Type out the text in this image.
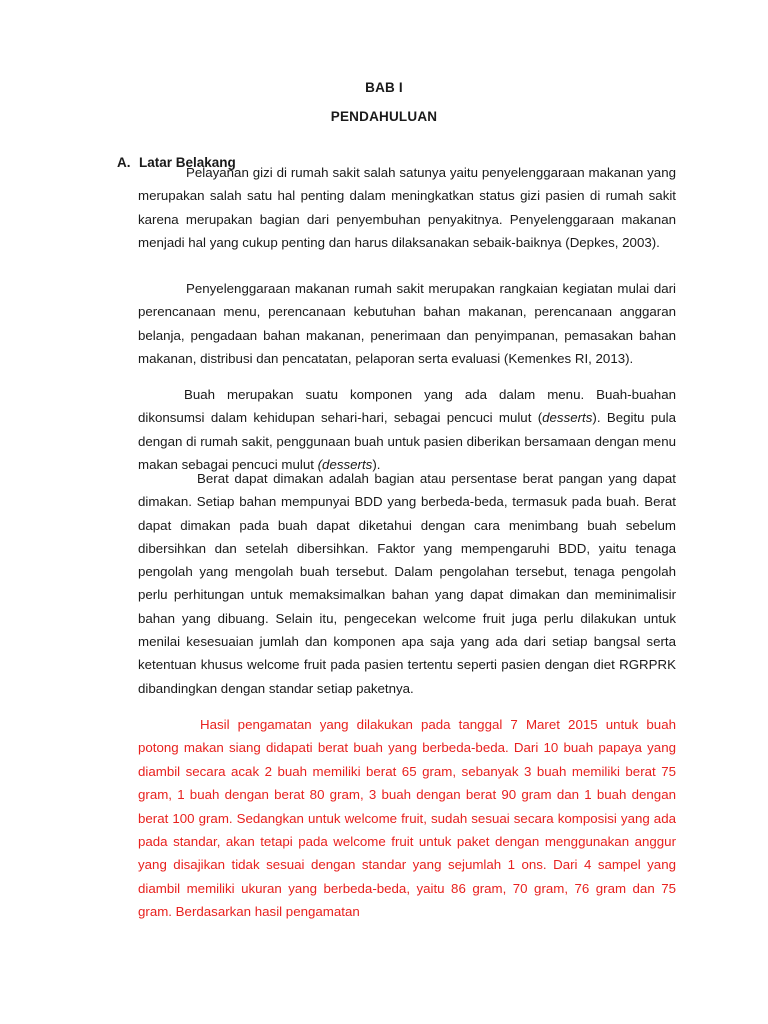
BAB I
PENDAHULUAN
A. Latar Belakang

Pelayanan gizi di rumah sakit salah satunya yaitu penyelenggaraan makanan yang merupakan salah satu hal penting dalam meningkatkan status gizi pasien di rumah sakit karena merupakan bagian dari penyembuhan penyakitnya. Penyelenggaraan makanan menjadi hal yang cukup penting dan harus dilaksanakan sebaik-baiknya (Depkes, 2003).

Penyelenggaraan makanan rumah sakit merupakan rangkaian kegiatan mulai dari perencanaan menu, perencanaan kebutuhan bahan makanan, perencanaan anggaran belanja, pengadaan bahan makanan, penerimaan dan penyimpanan, pemasakan bahan makanan, distribusi dan pencatatan, pelaporan serta evaluasi (Kemenkes RI, 2013).

Buah merupakan suatu komponen yang ada dalam menu. Buah-buahan dikonsumsi dalam kehidupan sehari-hari, sebagai pencuci mulut (desserts). Begitu pula dengan di rumah sakit, penggunaan buah untuk pasien diberikan bersamaan dengan menu makan sebagai pencuci mulut (desserts).

Berat dapat dimakan adalah bagian atau persentase berat pangan yang dapat dimakan. Setiap bahan mempunyai BDD yang berbeda-beda, termasuk pada buah. Berat dapat dimakan pada buah dapat diketahui dengan cara menimbang buah sebelum dibersihkan dan setelah dibersihkan. Faktor yang mempengaruhi BDD, yaitu tenaga pengolah yang mengolah buah tersebut. Dalam pengolahan tersebut, tenaga pengolah perlu perhitungan untuk memaksimalkan bahan yang dapat dimakan dan meminimalisir bahan yang dibuang. Selain itu, pengecekan welcome fruit juga perlu dilakukan untuk menilai kesesuaian jumlah dan komponen apa saja yang ada dari setiap bangsal serta ketentuan khusus welcome fruit pada pasien tertentu seperti pasien dengan diet RGRPRK dibandingkan dengan standar setiap paketnya.

Hasil pengamatan yang dilakukan pada tanggal 7 Maret 2015 untuk buah potong makan siang didapati berat buah yang berbeda-beda. Dari 10 buah papaya yang diambil secara acak 2 buah memiliki berat 65 gram, sebanyak 3 buah memiliki berat 75 gram, 1 buah dengan berat 80 gram, 3 buah dengan berat 90 gram dan 1 buah dengan berat 100 gram. Sedangkan untuk welcome fruit, sudah sesuai secara komposisi yang ada pada standar, akan tetapi pada welcome fruit untuk paket dengan menggunakan anggur yang disajikan tidak sesuai dengan standar yang sejumlah 1 ons. Dari 4 sampel yang diambil memiliki ukuran yang berbeda-beda, yaitu 86 gram, 70 gram, 76 gram dan 75 gram. Berdasarkan hasil pengamatan
